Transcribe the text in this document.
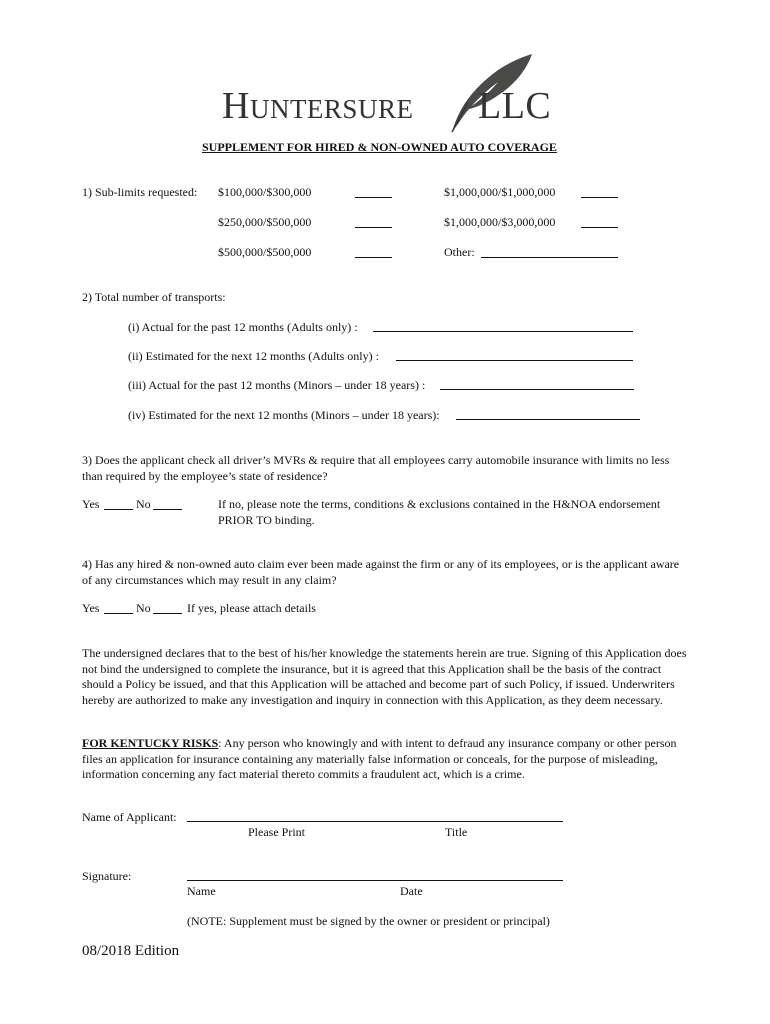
Huntersure LLC
SUPPLEMENT FOR HIRED & NON-OWNED AUTO COVERAGE
1) Sub-limits requested: $100,000/$300,000	$1,000,000/$1,000,000
$250,000/$500,000	$1,000,000/$3,000,000
$500,000/$500,000	Other:
2) Total number of transports:
(i) Actual for the past 12 months (Adults only) :
(ii) Estimated for the next 12 months (Adults only) :
(iii) Actual for the past 12 months (Minors – under 18 years) :
(iv) Estimated for the next 12 months (Minors – under 18 years):
3) Does the applicant check all driver’s MVRs & require that all employees carry automobile insurance with limits no less than required by the employee’s state of residence?
Yes	No	If no, please note the terms, conditions & exclusions contained in the H&NOA endorsement PRIOR TO binding.
4) Has any hired & non-owned auto claim ever been made against the firm or any of its employees, or is the applicant aware of any circumstances which may result in any claim?
Yes	No	If yes, please attach details
The undersigned declares that to the best of his/her knowledge the statements herein are true. Signing of this Application does not bind the undersigned to complete the insurance, but it is agreed that this Application shall be the basis of the contract should a Policy be issued, and that this Application will be attached and become part of such Policy, if issued. Underwriters hereby are authorized to make any investigation and inquiry in connection with this Application, as they deem necessary.
FOR KENTUCKY RISKS: Any person who knowingly and with intent to defraud any insurance company or other person files an application for insurance containing any materially false information or conceals, for the purpose of misleading, information concerning any fact material thereto commits a fraudulent act, which is a crime.
Name of Applicant:
Please Print	Title
Signature:
Name	Date
(NOTE: Supplement must be signed by the owner or president or principal)
08/2018 Edition
